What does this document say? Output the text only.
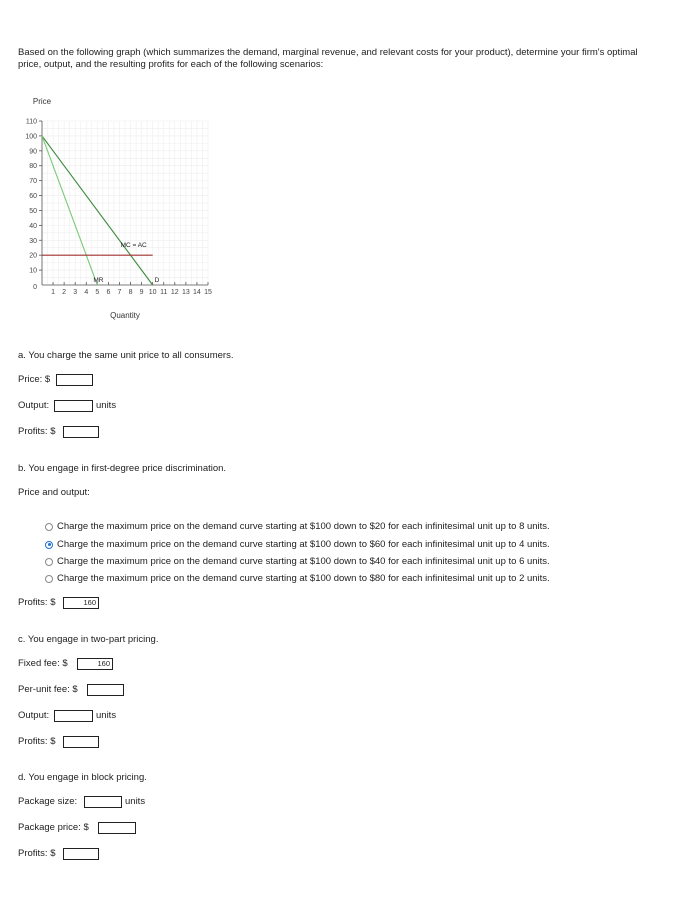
Based on the following graph (which summarizes the demand, marginal revenue, and relevant costs for your product), determine your firm's optimal price, output, and the resulting profits for each of the following scenarios:
10
20
30
40
50
60
70
80
90
100
110
1 2 3 4 5 6 7 8 9 10 11 12 13 14 15
0
Price
Quantity
D
MR
MC = AC
a. You charge the same unit price to all consumers.
Price: $
Output:	units
Profits: $
b. You engage in first-degree price discrimination.
Price and output:
Charge the maximum price on the demand curve starting at $100 down to $20 for each infinitesimal unit up to 8 units.
Charge the maximum price on the demand curve starting at $100 down to $60 for each infinitesimal unit up to 4 units.
Charge the maximum price on the demand curve starting at $100 down to $40 for each infinitesimal unit up to 6 units.
Charge the maximum price on the demand curve starting at $100 down to $80 for each infinitesimal unit up to 2 units.
Profits: $	160
c. You engage in two-part pricing.
Fixed fee: $	160
Per-unit fee: $
Output:	units
Profits: $
d. You engage in block pricing.
Package size:	units
Package price: $
Profits: $
